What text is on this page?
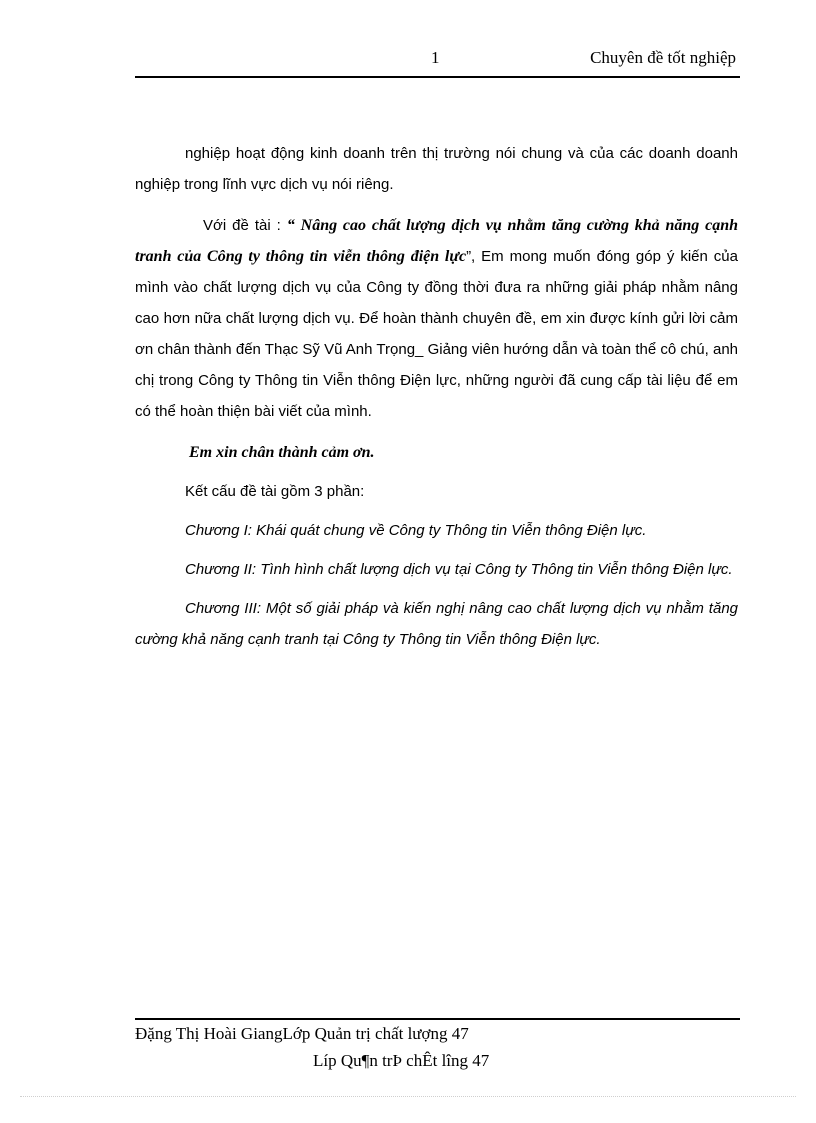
1	Chuyên đề tốt nghiệp

nghiệp hoạt động kinh doanh trên thị trường nói chung và của các doanh doanh nghiệp trong lĩnh vực dịch vụ nói riêng.

Với đề tài : “ Nâng cao chất lượng dịch vụ nhằm tăng cường khả năng cạnh tranh của Công ty thông tin viễn thông điện lực”, Em mong muốn đóng góp ý kiến của mình vào chất lượng dịch vụ của Công ty đồng thời đưa ra những giải pháp nhằm nâng cao hơn nữa chất lượng dịch vụ. Để hoàn thành chuyên đề, em xin được kính gửi lời cảm ơn chân thành đến Thạc Sỹ Vũ Anh Trọng_ Giảng viên hướng dẫn và toàn thể cô chú, anh chị trong Công ty Thông tin Viễn thông Điện lực, những người đã cung cấp tài liệu để em có thể hoàn thiện bài viết của mình.

Em xin chân thành cảm ơn.

Kết cấu đề tài gồm 3 phần:

Chương I: Khái quát chung về Công ty Thông tin Viễn thông Điện lực.

Chương II: Tình hình chất lượng dịch vụ tại Công ty Thông tin Viễn thông Điện lực.

Chương III: Một số giải pháp và kiến nghị nâng cao chất lượng dịch vụ nhằm tăng cường khả năng cạnh tranh tại Công ty Thông tin Viễn thông Điện lực.

Đặng Thị Hoài GiangLớp Quản trị chất lượng 47
Líp Qu¶n trÞ chÊt lîng 47
